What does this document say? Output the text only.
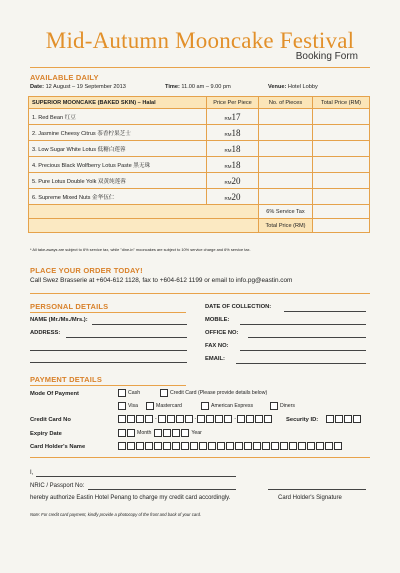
Mid-Autumn Mooncake Festival
Booking Form
AVAILABLE DAILY
Date: 12 August – 19 September 2013	Time: 11.00 am – 9.00 pm	Venue: Hotel Lobby
SUPERIOR MOONCAKE (BAKED SKIN) – Halal	Price Per Piece	No. of Pieces	Total Price (RM)
1. Red Bean 红豆	RM17		
2. Jasmine Cheesy Citrus 茶香柠果芝士	RM18		
3. Low Sugar White Lotus 低糖白莲蓉	RM18		
4. Precious Black Wolfberry Lotus Paste 黑无珠	RM18		
5. Pure Lotus Double Yolk 双黄纯莲蓉	RM20		
6. Supreme Mixed Nuts 金华伍仁	RM20		
		6% Service Tax	
		Total Price (RM)	
* All take-aways are subject to 6% service tax, while "dine-in" mooncakes are subject to 10% service charge and 6% service tax.
PLACE YOUR ORDER TODAY!
Call Swez Brasserie at +604-612 1128, fax to +604-612 1199 or email to info.pg@eastin.com
PERSONAL DETAILS
NAME (Mr./Ms./Mrs.):
ADDRESS:
DATE OF COLLECTION:
MOBILE:
OFFICE NO:
FAX NO:
EMAIL:
PAYMENT DETAILS
Mode Of Payment	Cash	Credit Card (Please provide details below)
Visa	Mastercard	American Express	Diners
Credit Card No	-	-	-	Security ID:
Expiry Date	Month	Year
Card Holder's Name
I,
NRIC / Passport No:
hereby authorize Eastin Hotel Penang to charge my credit card accordingly.	Card Holder's Signature
Note: For credit card payment, kindly provide a photocopy of the front and back of your card.
